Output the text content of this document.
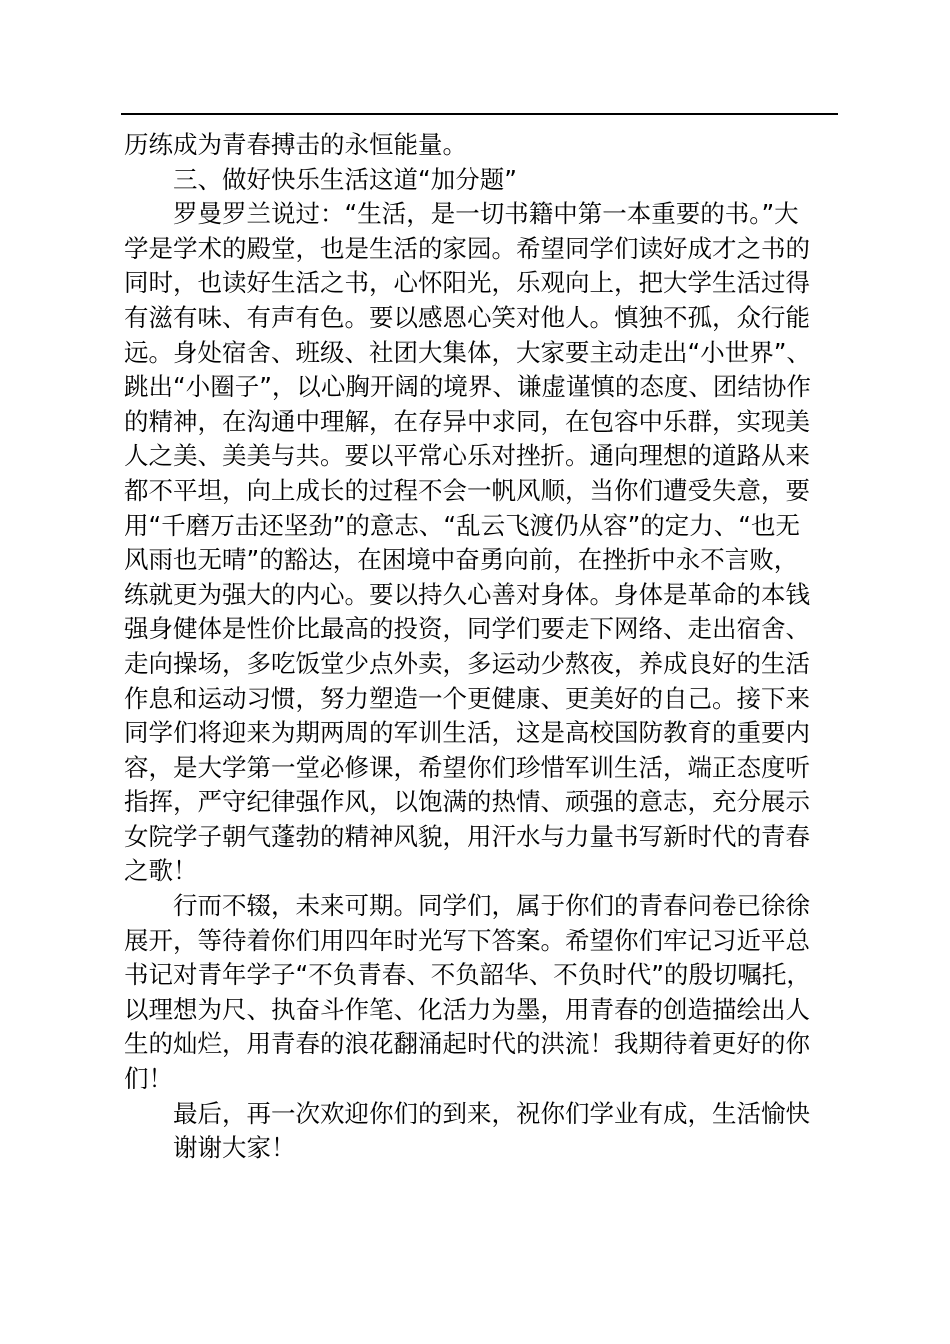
历练成为青春搏击的永恒能量。
三、做好快乐生活这道“加分题”
罗曼罗兰说过：“生活，是一切书籍中第一本重要的书。”大
学是学术的殿堂，也是生活的家园。希望同学们读好成才之书的
同时，也读好生活之书，心怀阳光，乐观向上，把大学生活过得
有滋有味、有声有色。要以感恩心笑对他人。慎独不孤，众行能
远。身处宿舍、班级、社团大集体，大家要主动走出“小世界”、
跳出“小圈子”，以心胸开阔的境界、谦虚谨慎的态度、团结协作
的精神，在沟通中理解，在存异中求同，在包容中乐群，实现美
人之美、美美与共。要以平常心乐对挫折。通向理想的道路从来
都不平坦，向上成长的过程不会一帆风顺，当你们遭受失意，要
用“千磨万击还坚劲”的意志、“乱云飞渡仍从容”的定力、“也无
风雨也无晴”的豁达，在困境中奋勇向前，在挫折中永不言败，
练就更为强大的内心。要以持久心善对身体。身体是革命的本钱
强身健体是性价比最高的投资，同学们要走下网络、走出宿舍、
走向操场，多吃饭堂少点外卖，多运动少熬夜，养成良好的生活
作息和运动习惯，努力塑造一个更健康、更美好的自己。接下来
同学们将迎来为期两周的军训生活，这是高校国防教育的重要内
容，是大学第一堂必修课，希望你们珍惜军训生活，端正态度听
指挥，严守纪律强作风，以饱满的热情、顽强的意志，充分展示
女院学子朝气蓬勃的精神风貌，用汗水与力量书写新时代的青春
之歌！
行而不辍，未来可期。同学们，属于你们的青春问卷已徐徐
展开，等待着你们用四年时光写下答案。希望你们牢记习近平总
书记对青年学子“不负青春、不负韶华、不负时代”的殷切嘱托，
以理想为尺、执奋斗作笔、化活力为墨，用青春的创造描绘出人
生的灿烂，用青春的浪花翻涌起时代的洪流！我期待着更好的你
们！
最后，再一次欢迎你们的到来，祝你们学业有成，生活愉快
谢谢大家！
